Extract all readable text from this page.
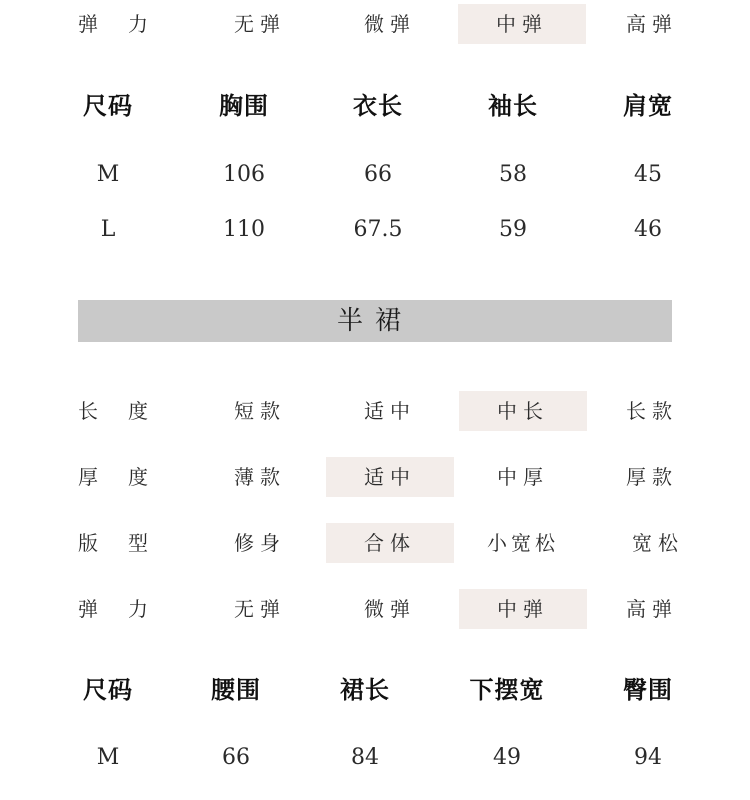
弹力	无弹	微弹	中弹	高弹
尺码	胸围	衣长	袖长	肩宽
M	106	66	58	45
L	110	67.5	59	46
半裙
长度	短款	适中	中长	长款
厚度	薄款	适中	中厚	厚款
版型	修身	合体	小宽松	宽松
弹力	无弹	微弹	中弹	高弹
尺码	腰围	裙长	下摆宽	臀围
M	66	84	49	94
